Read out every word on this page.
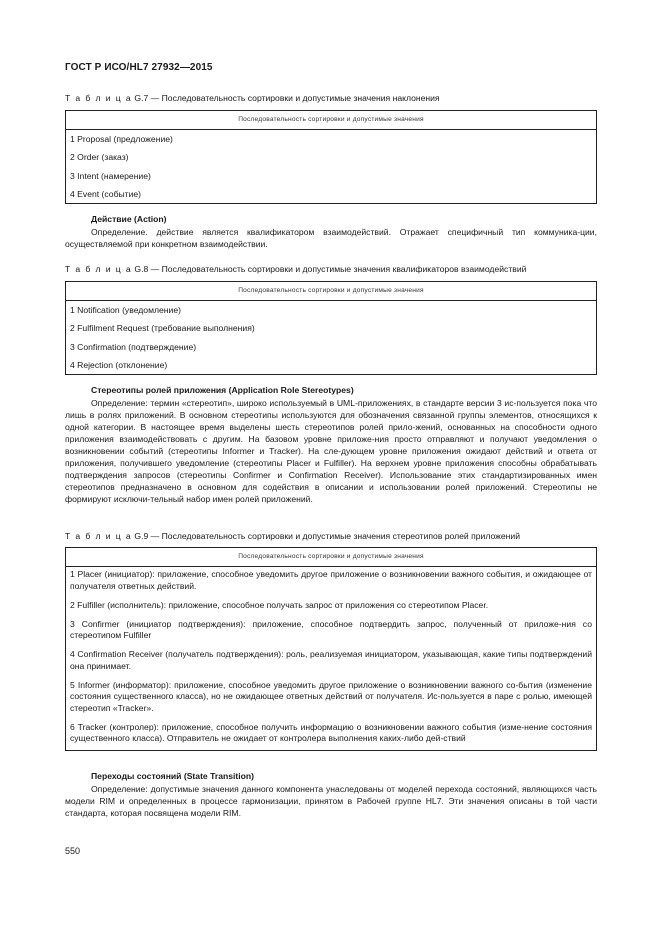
ГОСТ Р ИСО/HL7 27932—2015
Т а б л и ц а G.7 — Последовательность сортировки и допустимые значения наклонения
Последовательность сортировки и допустимые значения
1 Proposal (предложение)
2 Order (заказ)
3 Intent (намерение)
4 Event (событие)
Действие (Action)

Определение. действие является квалификатором взаимодействий. Отражает специфичный тип коммуника-ции, осуществляемой при конкретном взаимодействии.

Т а б л и ц а G.8 — Последовательность сортировки и допустимые значения квалификаторов взаимодействий
Последовательность сортировки и допустимые значения
1 Notification (уведомление)
2 Fulfilment Request (требование выполнения)
3 Confirmation (подтверждение)
4 Rejection (отклонение)
Стереотипы ролей приложения (Application Role Stereotypes)

Определение: термин «стереотип», широко используемый в UML-приложениях, в стандарте версии 3 ис-пользуется пока что лишь в ролях приложений. В основном стереотипы используются для обозначения связанной группы элементов, относящихся к одной категории. В настоящее время выделены шесть стереотипов ролей прило-жений, основанных на способности одного приложения взаимодействовать с другим. На базовом уровне приложе-ния просто отправляют и получают уведомления о возникновении событий (стереотипы Informer и Tracker). На сле-дующем уровне приложения ожидают действий и ответа от приложения, получившего уведомление (стереотипы Placer и Fulfiller). На верхнем уровне приложения способны обрабатывать подтверждения запросов (стереотипы Confirmer и Confirmation Receiver). Использование этих стандартизированных имен стереотипов предназначено в основном для содействия в описании и использовании ролей приложений. Стереотипы не формируют исключи-тельный набор имен ролей приложений.

Т а б л и ц а G.9 — Последовательность сортировки и допустимые значения стереотипов ролей приложений
Последовательность сортировки и допустимые значения
1 Placer (инициатор): приложение, способное уведомить другое приложение о возникновении важного события, и ожидающее от получателя ответных действий.
2 Fulfiller (исполнитель): приложение, способное получать запрос от приложения со стереотипом Placer.
3 Confirmer (инициатор подтверждения): приложение, способное подтвердить запрос, полученный от приложе-ния со стереотипом Fulfiller
4 Confirmation Receiver (получатель подтверждения): роль, реализуемая инициатором, указывающая, какие типы подтверждений она принимает.
5 Informer (информатор): приложение, способное уведомить другое приложение о возникновении важного со-бытия (изменение состояния существенного класса), но не ожидающее ответных действий от получателя. Ис-пользуется в паре с ролью, имеющей стереотип «Tracker».
6 Tracker (контролер): приложение, способное получить информацию о возникновении важного события (изме-нение состояния существенного класса). Отправитель не ожидает от контролера выполнения каких-либо дей-ствий
Переходы состояний (State Transition)

Определение: допустимые значения данного компонента унаследованы от моделей перехода состояний, являющихся часть модели RIM и определенных в процессе гармонизации, принятом в Рабочей группе HL7. Эти значения описаны в той части стандарта, которая посвящена модели RIM.

550
